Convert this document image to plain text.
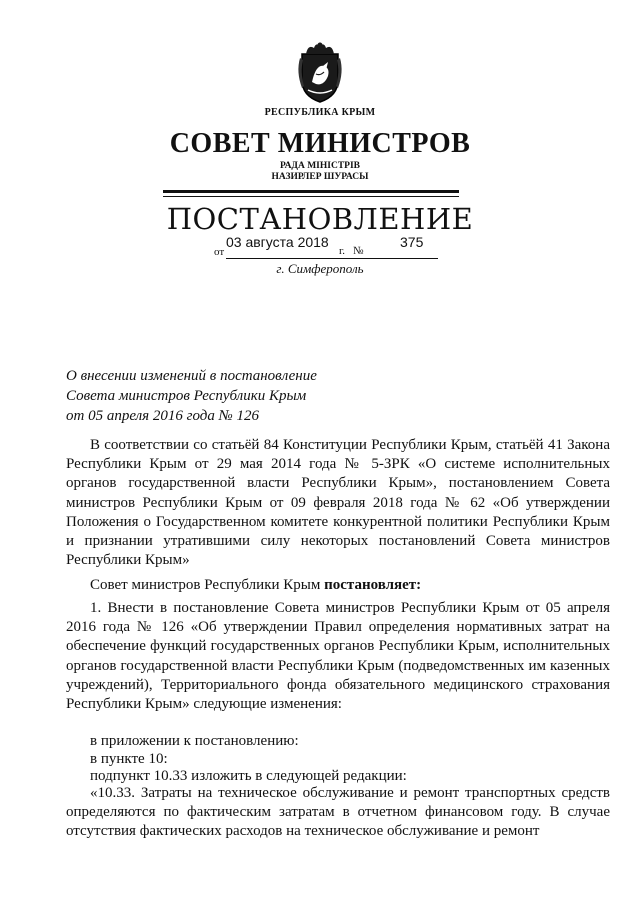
РЕСПУБЛИКА КРЫМ
СОВЕТ МИНИСТРОВ
РАДА МІНІСТРІВ
НАЗИРЛЕР ШУРАСЫ
ПОСТАНОВЛЕНИЕ
от
03 августа 2018
г. №
375
г. Симферополь
О внесении изменений в постановление
Совета министров Республики Крым
от 05 апреля 2016 года № 126
В соответствии со статьёй 84 Конституции Республики Крым, статьёй 41 Закона Республики Крым от 29 мая 2014 года № 5-ЗРК «О системе исполнительных органов государственной власти Республики Крым», постановлением Совета министров Республики Крым от 09 февраля 2018 года № 62 «Об утверждении Положения о Государственном комитете конкурентной политики Республики Крым и признании утратившими силу некоторых постановлений Совета министров Республики Крым»
Совет министров Республики Крым постановляет:
1. Внести в постановление Совета министров Республики Крым от 05 апреля 2016 года № 126 «Об утверждении Правил определения нормативных затрат на обеспечение функций государственных органов Республики Крым, исполнительных органов государственной власти Республики Крым (подведомственных им казенных учреждений), Территориального фонда обязательного медицинского страхования Республики Крым» следующие изменения:
в приложении к постановлению:
в пункте 10:
подпункт 10.33 изложить в следующей редакции:
«10.33. Затраты на техническое обслуживание и ремонт транспортных средств определяются по фактическим затратам в отчетном финансовом году. В случае отсутствия фактических расходов на техническое обслуживание и ремонт
